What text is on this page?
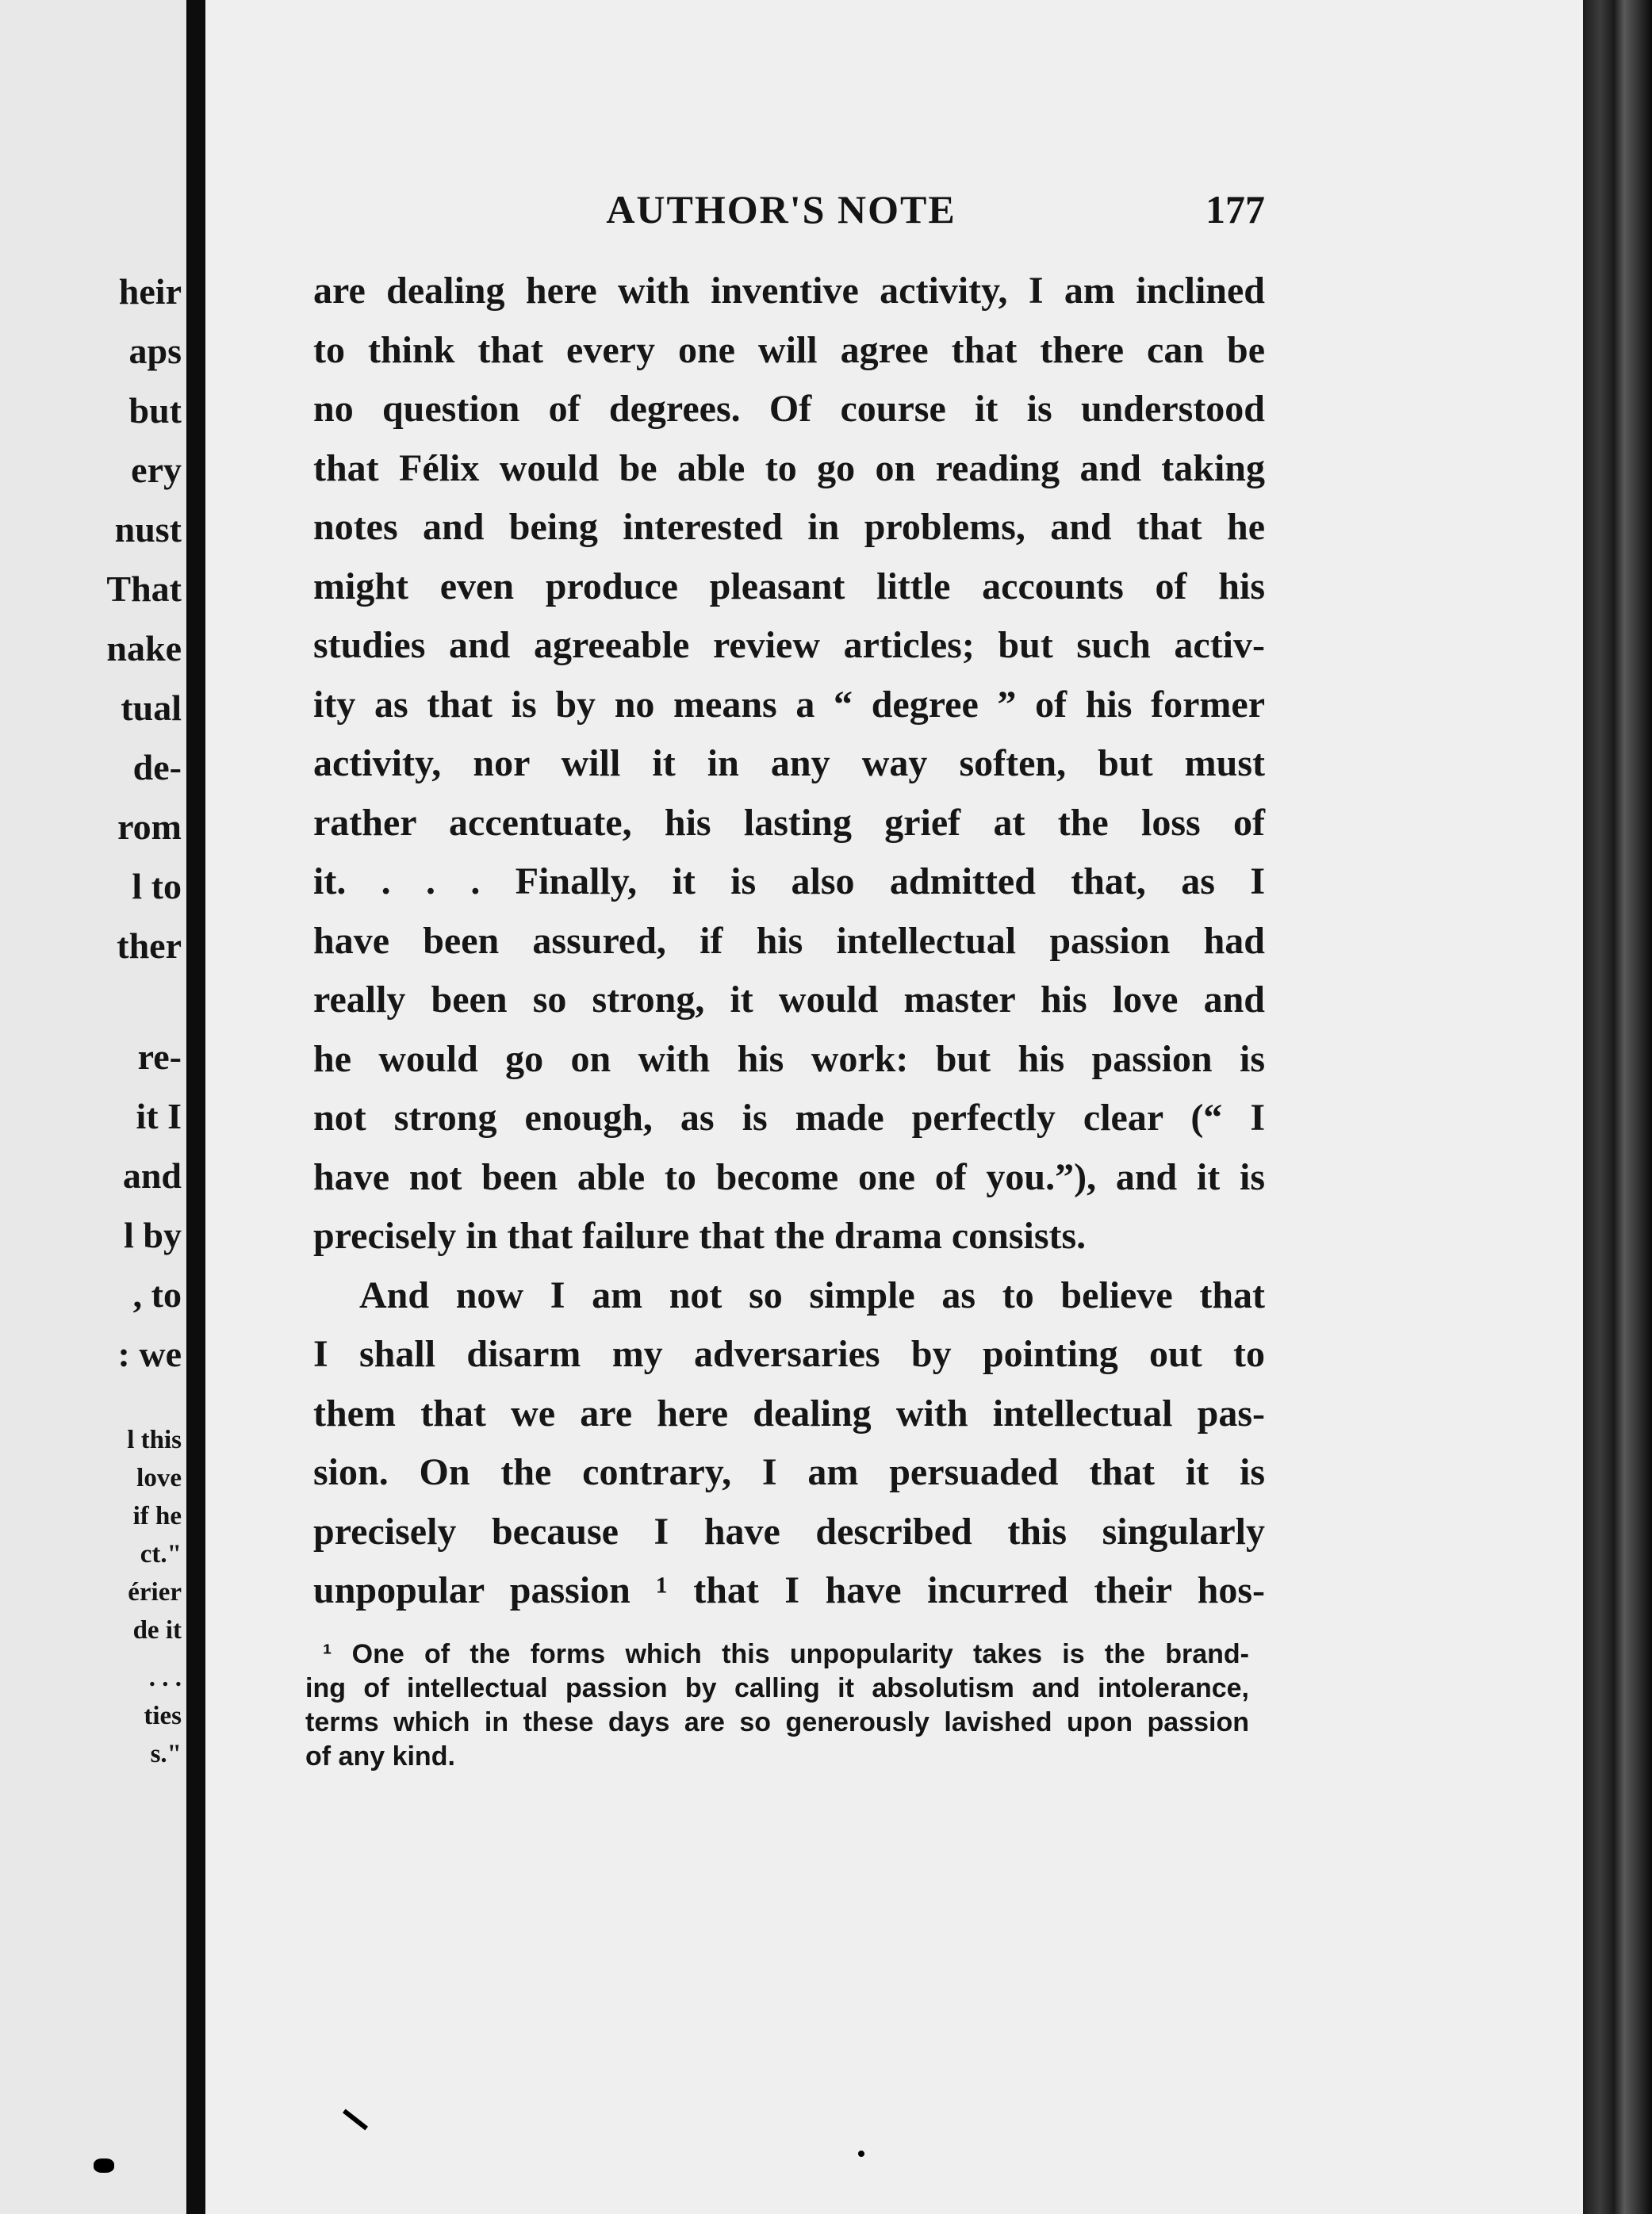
heir
aps
but
ery
nust
That
nake
tual
de-
rom
l to
ther
re-
it I
and
l by
, to
: we
l this
love
if he
ct."
érier
de it
. . .
ties
s."
AUTHOR'S NOTE	177
are dealing here with inventive activity, I am inclined
to think that every one will agree that there can be
no question of degrees. Of course it is understood
that Félix would be able to go on reading and taking
notes and being interested in problems, and that he
might even produce pleasant little accounts of his
studies and agreeable review articles; but such activ-
ity as that is by no means a “ degree ” of his former
activity, nor will it in any way soften, but must
rather accentuate, his lasting grief at the loss of
it. . . . Finally, it is also admitted that, as I
have been assured, if his intellectual passion had
really been so strong, it would master his love and
he would go on with his work: but his passion is
not strong enough, as is made perfectly clear (“ I
have not been able to become one of you.”), and it is
precisely in that failure that the drama consists.
And now I am not so simple as to believe that
I shall disarm my adversaries by pointing out to
them that we are here dealing with intellectual pas-
sion. On the contrary, I am persuaded that it is
precisely because I have described this singularly
unpopular passion ¹ that I have incurred their hos-
¹ One of the forms which this unpopularity takes is the brand-
ing of intellectual passion by calling it absolutism and intolerance,
terms which in these days are so generously lavished upon passion
of any kind.
